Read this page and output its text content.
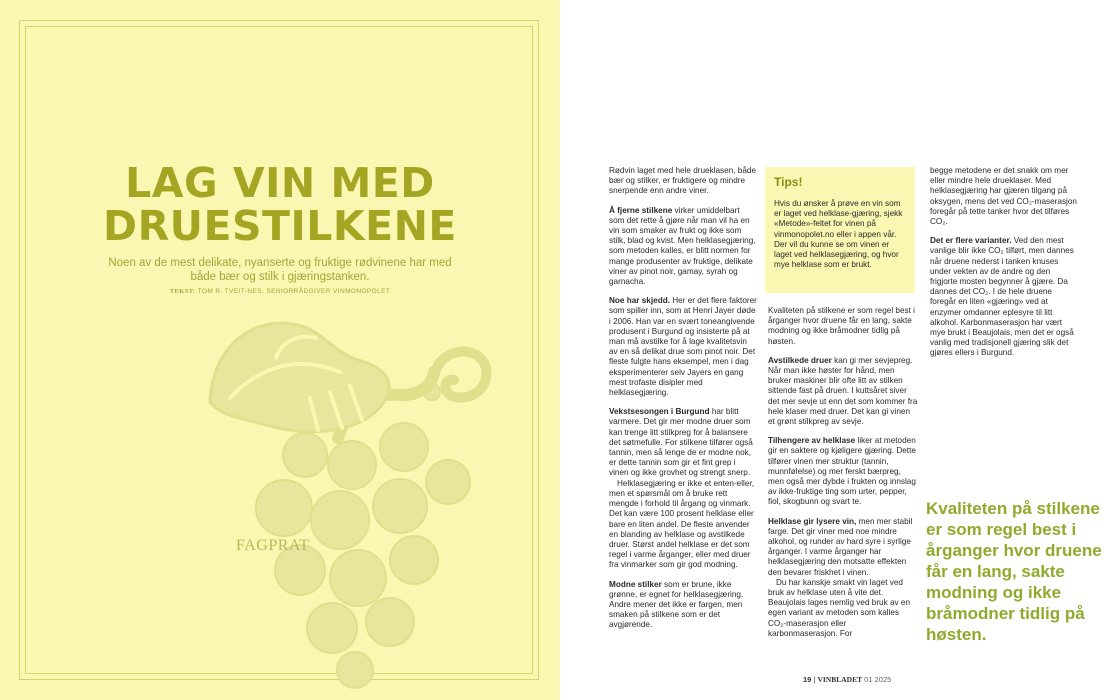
LAG VIN MED
DRUESTILKENE

Noen av de mest delikate, nyanserte og fruktige rødvinene har med både bær og stilk i gjæringstanken.

TEKST: TOM R. TVEIT-NES, SENIORRÅDGIVER VINMONOPOLET
FAGPRAT

Rødvin laget med hele drueklasen, både bær og stilker, er fruktigere og mindre snerpende enn andre viner.

Å fjerne stilkene virker umiddelbart som det rette å gjøre når man vil ha en vin som smaker av frukt og ikke som stilk, blad og kvist. Men helklasegjæring, som metoden kalles, er blitt normen for mange produsenter av fruktige, delikate viner av pinot noir, gamay, syrah og garnacha.

Noe har skjedd. Her er det flere faktorer som spiller inn, som at Henri Jayer døde i 2006. Han var en svært toneangivende produsent i Burgund og insisterte på at man må avstilke for å lage kvalitetsvin av en så delikat drue som pinot noir. Det fleste fulgte hans eksempel, men i dag eksperimenterer selv Jayers en gang mest trofaste disipler med helklasegjæring.

Vekstsesongen i Burgund har blitt varmere. Det gir mer modne druer som kan trenge litt stilkpreg for å balansere det søtmefulle. For stilkene tilfører også tannin, men så lenge de er modne nok, er dette tannin som gir et fint grep i vinen og ikke grovhet og strengt snerp.

Helklasegjæring er ikke et enten-eller, men et spørsmål om å bruke rett mengde i forhold til årgang og vinmark. Det kan være 100 prosent helklase eller bare en liten andel. De fleste anvender en blanding av helklase og avstilkede druer. Størst andel helklase er det som regel i varme årganger, eller med druer fra vinmarker som gir god modning.

Modne stilker som er brune, ikke grønne, er egnet for helklasegjæring. Andre mener det ikke er fargen, men smaken på stilkene som er det avgjørende.

Tips!
Hvis du ønsker å prøve en vin som er laget ved helklase-gjæring, sjekk «Metode»-feltet for vinen på vinmonopolet.no eller i appen vår. Der vil du kunne se om vinen er laget ved helklasegjæring, og hvor mye helklase som er brukt.

Kvaliteten på stilkene er som regel best i årganger hvor druene får en lang, sakte modning og ikke bråmodner tidlig på høsten.

Avstilkede druer kan gi mer sevjepreg. Når man ikke høster for hånd, men bruker maskiner blir ofte litt av stilken sittende fast på druen. I kuttsåret siver det mer sevje ut enn det som kommer fra hele klaser med druer. Det kan gi vinen et grønt stilkpreg av sevje.

Tilhengere av helklase liker at metoden gir en saktere og kjøligere gjæring. Dette tilfører vinen mer struktur (tannin, munnfølelse) og mer ferskt bærpreg, men også mer dybde i frukten og innslag av ikke-fruktige ting som urter, pepper, fiol, skogbunn og svart te.

Helklase gir lysere vin, men mer stabil farge. Det gir viner med noe mindre alkohol, og runder av hard syre i syrlige årganger. I varme årganger har helklasegjæring den motsatte effekten den bevarer friskhet i vinen.

Du har kanskje smakt vin laget ved bruk av helklase uten å vite det. Beaujolais lages nemlig ved bruk av en egen variant av metoden som kalles CO₂-maserasjon eller karbonmaserasjon. For

begge metodene er det snakk om mer eller mindre hele drueklaser. Med helklasegjæring har gjæren tilgang på oksygen, mens det ved CO₂-maserasjon foregår på tette tanker hvor det tilføres CO₂.

Det er flere varianter. Ved den mest vanlige blir ikke CO₂ tilført, men dannes når druene nederst i tanken knuses under vekten av de andre og den frigjorte mosten begynner å gjære. Da dannes det CO₂. I de hele druene foregår en liten «gjæring» ved at enzymer omdanner eplesyre til litt alkohol. Karbonmaserasjon har vært mye brukt i Beaujolais, men det er også vanlig med tradisjonell gjæring slik det gjøres ellers i Burgund.

Kvaliteten på stilkene er som regel best i årganger hvor druene får en lang, sakte modning og ikke bråmodner tidlig på høsten.

19 | VINBLADET 01 2025
